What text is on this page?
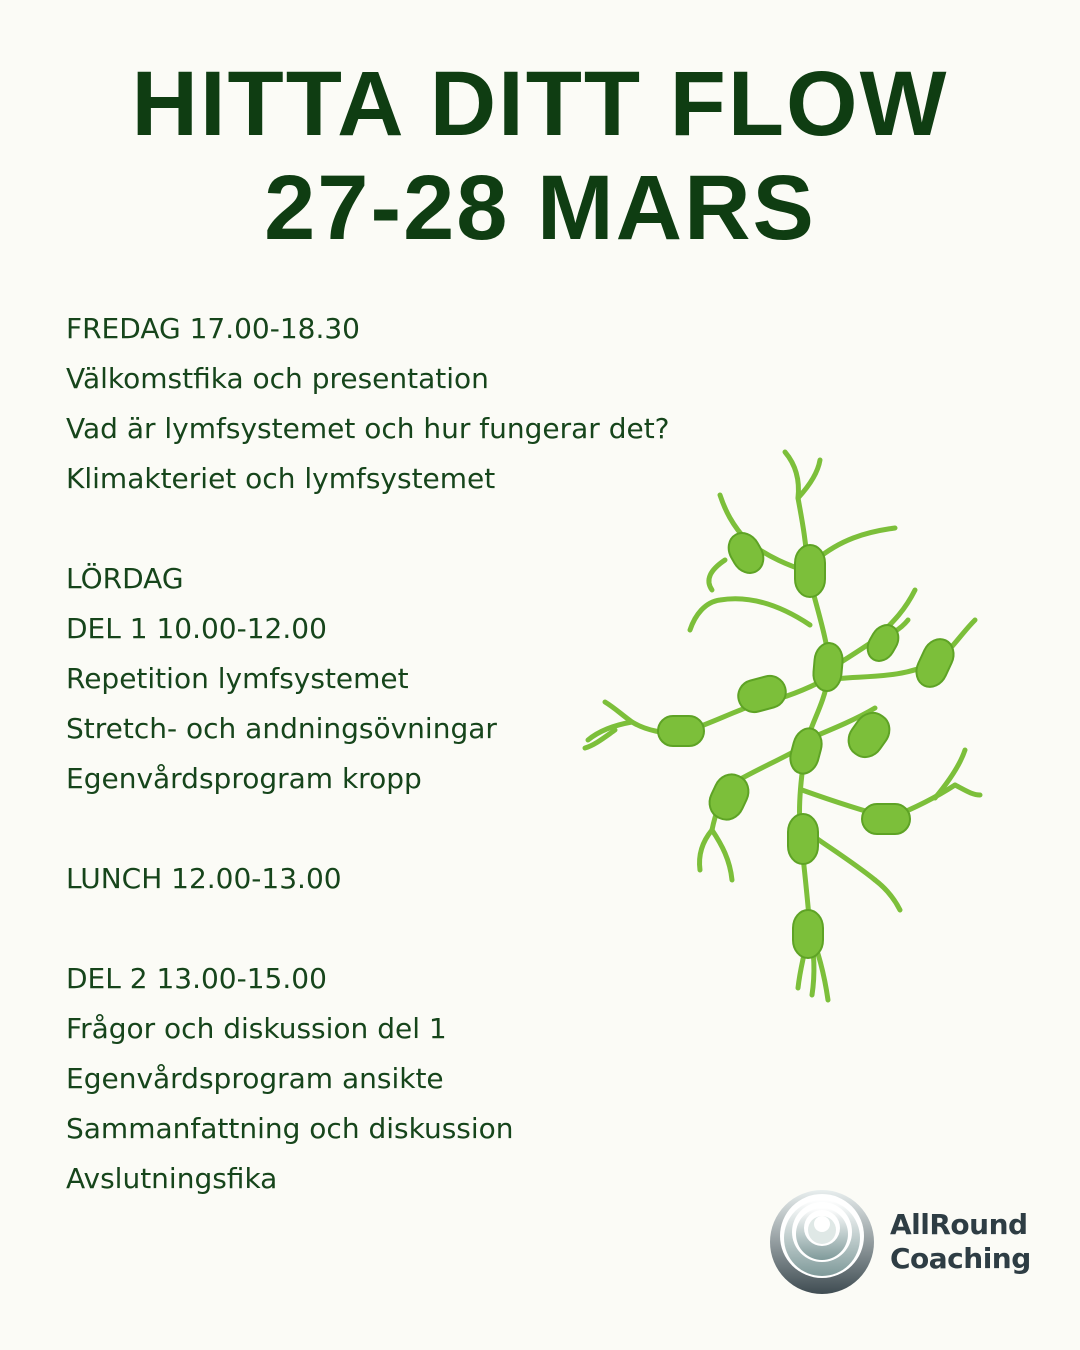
HITTA DITT FLOW
27-28 MARS
FREDAG 17.00-18.30
Välkomstfika och presentation
Vad är lymfsystemet och hur fungerar det?
Klimakteriet och lymfsystemet
LÖRDAG
DEL 1 10.00-12.00
Repetition lymfsystemet
Stretch- och andningsövningar
Egenvårdsprogram kropp
LUNCH 12.00-13.00
DEL 2 13.00-15.00
Frågor och diskussion del 1
Egenvårdsprogram ansikte
Sammanfattning och diskussion
Avslutningsfika
AllRound
Coaching
